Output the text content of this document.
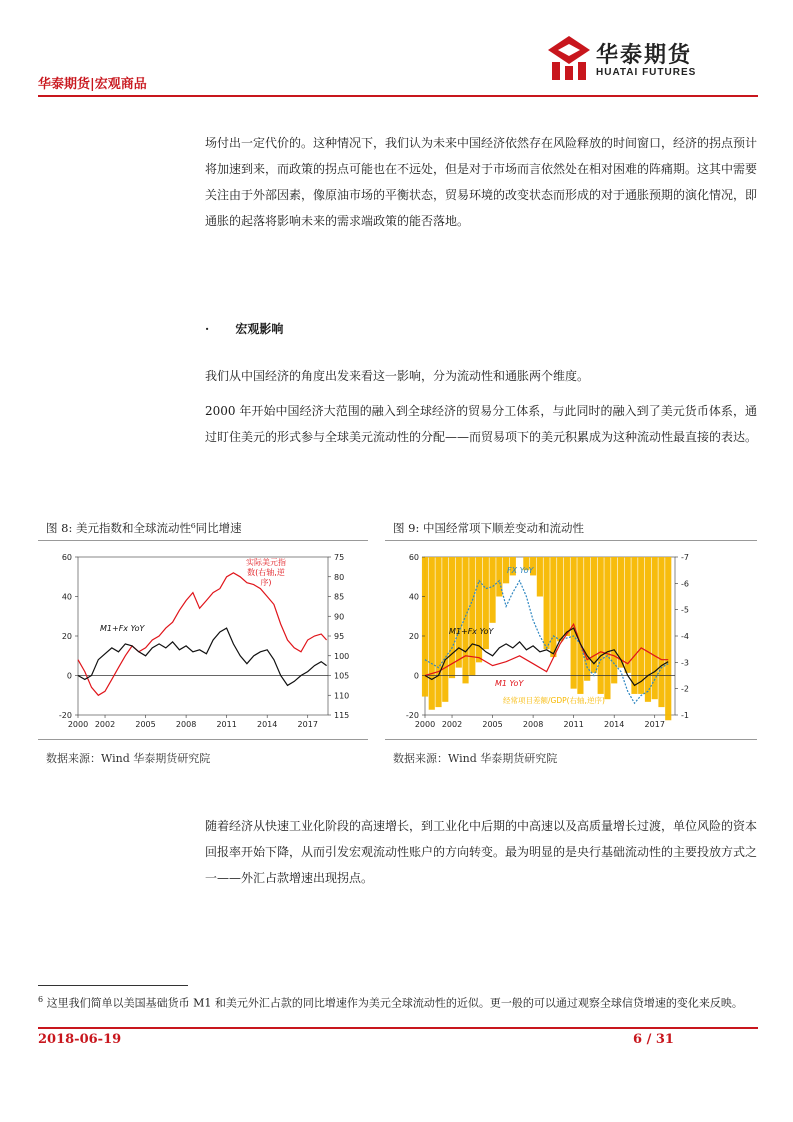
华泰期货|宏观商品
华泰期货
HUATAI FUTURES
场付出一定代价的。这种情况下，我们认为未来中国经济依然存在风险释放的时间窗口，经济的拐点预计将加速到来，而政策的拐点可能也在不远处，但是对于市场而言依然处在相对困难的阵痛期。这其中需要关注由于外部因素，像原油市场的平衡状态，贸易环境的改变状态而形成的对于通胀预期的演化情况，即通胀的起落将影响未来的需求端政策的能否落地。
· 宏观影响
我们从中国经济的角度出发来看这一影响，分为流动性和通胀两个维度。
2000 年开始中国经济大范围的融入到全球经济的贸易分工体系，与此同时的融入到了美元货币体系，通过盯住美元的形式参与全球美元流动性的分配——而贸易项下的美元积累成为这种流动性最直接的表达。
图 8: 美元指数和全球流动性⁶同比增速
60
40
20
0
-20
75
80
85
90
95
100
105
110
115
2000 2002	2005	2008	2011	2014	2017
实际美元指
数(右轴,逆
序)
M1+Fx YoY
数据来源：Wind 华泰期货研究院
图 9: 中国经常项下顺差变动和流动性
60
40
20
0
-20
-7
-6
-5
-4
-3
-2
-1
2000 2002	2005	2008	2011	2014	2017
FX YoY
M1+Fx YoY
M1 YoY
经常项目差额/GDP(右轴,逆序)
数据来源：Wind 华泰期货研究院
随着经济从快速工业化阶段的高速增长，到工业化中后期的中高速以及高质量增长过渡，单位风险的资本回报率开始下降，从而引发宏观流动性账户的方向转变。最为明显的是央行基础流动性的主要投放方式之一——外汇占款增速出现拐点。
$^6$ 这里我们简单以美国基础货币 M1 和美元外汇占款的同比增速作为美元全球流动性的近似。更一般的可以通过观察全球信贷增速的变化来反映。
2018-06-19	6 / 31
